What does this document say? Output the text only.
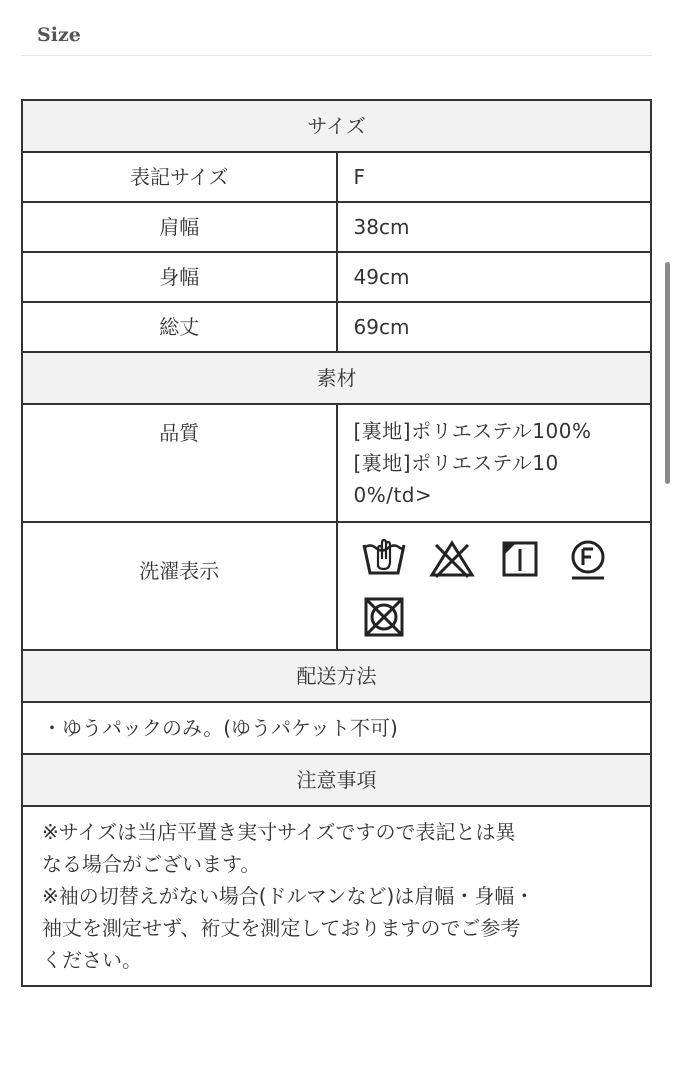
Size
サイズ	
表記サイズ	F
肩幅	38cm
身幅	49cm
総丈	69cm
素材	
品質	[裏地]ポリエステル100%
[裏地]ポリエステル10
0%/td>

洗濯表示	

配送方法	
・ゆうパックのみ。(ゆうパケット不可)	
注意事項	

※サイズは当店平置き実寸サイズですので表記とは異
なる場合がございます。
※袖の切替えがない場合(ドルマンなど)は肩幅・身幅・
袖丈を測定せず、裄丈を測定しておりますのでご参考
ください。	
